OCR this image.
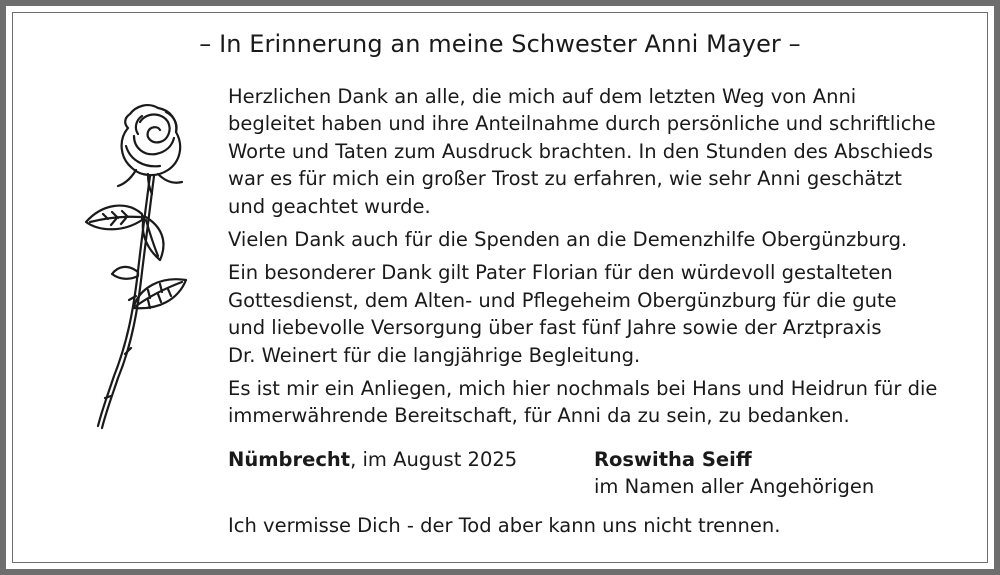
– In Erinnerung an meine Schwester Anni Mayer –

Herzlichen Dank an alle, die mich auf dem letzten Weg von Anni
begleitet haben und ihre Anteilnahme durch persönliche und schriftliche
Worte und Taten zum Ausdruck brachten. In den Stunden des Abschieds
war es für mich ein großer Trost zu erfahren, wie sehr Anni geschätzt
und geachtet wurde.

Vielen Dank auch für die Spenden an die Demenzhilfe Obergünzburg.

Ein besonderer Dank gilt Pater Florian für den würdevoll gestalteten
Gottesdienst, dem Alten- und Pflegeheim Obergünzburg für die gute
und liebevolle Versorgung über fast fünf Jahre sowie der Arztpraxis
Dr. Weinert für die langjährige Begleitung.

Es ist mir ein Anliegen, mich hier nochmals bei Hans und Heidrun für die
immerwährende Bereitschaft, für Anni da zu sein, zu bedanken.

Nümbrecht, im August 2025	Roswitha Seiff
im Namen aller Angehörigen
Ich vermisse Dich - der Tod aber kann uns nicht trennen.
